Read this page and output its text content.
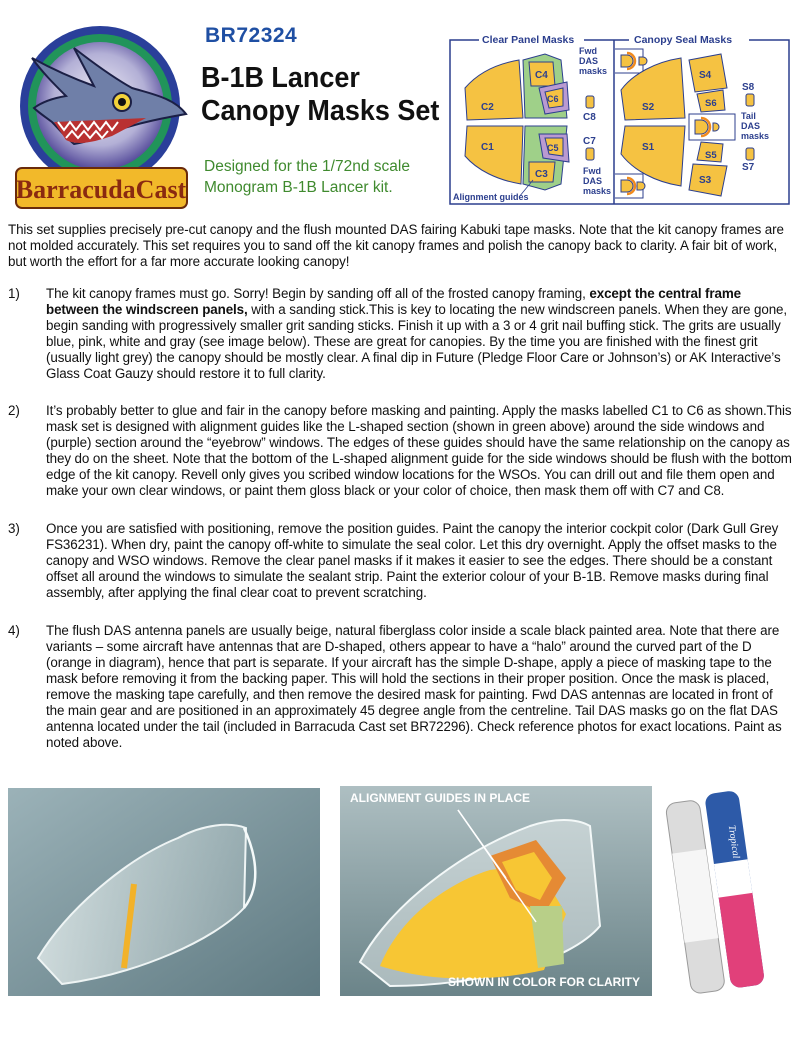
BarracudaCast
BR72324
B-1B Lancer
Canopy Masks Set
Designed for the 1/72nd scale
Monogram B-1B Lancer kit.
Clear Panel Masks	Canopy Seal Masks
C2
C1
C4
C6
C5
C3
C8
C7
Fwd
DAS
masks
Fwd
DAS
masks
Alignment guides
S2
S1
S4
S6
S5
S3
S8
S7
Tail
DAS
masks
This set supplies precisely pre-cut canopy and the flush mounted DAS fairing Kabuki tape masks. Note that the kit canopy frames are not molded accurately. This set requires you to sand off the kit canopy frames and polish the canopy back to clarity. A fair bit of work, but worth the effort for a far more accurate looking canopy!
1)	The kit canopy frames must go. Sorry! Begin by sanding off all of the frosted canopy framing, except the central frame between the windscreen panels, with a sanding stick.This is key to locating the new windscreen panels. When they are gone, begin sanding with progressively smaller grit sanding sticks. Finish it up with a 3 or 4 grit nail buffing stick. The grits are usually blue, pink, white and gray (see image below). These are great for canopies. By the time you are finished with the finest grit (usually light grey) the canopy should be mostly clear. A final dip in Future (Pledge Floor Care or Johnson’s) or AK Interactive’s Glass Coat Gauzy should restore it to full clarity.
2)	It’s probably better to glue and fair in the canopy before masking and painting. Apply the masks labelled C1 to C6 as shown.This mask set is designed with alignment guides like the L-shaped section (shown in green above) around the side windows and (purple) section around the “eyebrow” windows. The edges of these guides should have the same relationship on the canopy as they do on the sheet. Note that the bottom of the L-shaped alignment guide for the side windows should be flush with the bottom edge of the kit canopy. Revell only gives you scribed window locations for the WSOs. You can drill out and file them open and make your own clear windows, or paint them gloss black or your color of choice, then mask them off with C7 and C8.
3)	Once you are satisfied with positioning, remove the position guides. Paint the canopy the interior cockpit color (Dark Gull Grey FS36231). When dry, paint the canopy off-white to simulate the seal color. Let this dry overnight. Apply the offset masks to the canopy and WSO windows. Remove the clear panel masks if it makes it easier to see the edges. There should be a constant offset all around the windows to simulate the sealant strip. Paint the exterior colour of your B-1B. Remove masks during final assembly, after applying the final clear coat to prevent scratching.
4)	The flush DAS antenna panels are usually beige, natural fiberglass color inside a scale black painted area. Note that there are variants – some aircraft have antennas that are D-shaped, others appear to have a “halo” around the curved part of the D (orange in diagram), hence that part is separate. If your aircraft has the simple D-shape, apply a piece of masking tape to the mask before removing it from the backing paper. This will hold the sections in their proper position. Once the mask is placed, remove the masking tape carefully, and then remove the desired mask for painting. Fwd DAS antennas are located in front of the main gear and are positioned in an approximately 45 degree angle from the centreline. Tail DAS masks go on the flat DAS antenna located under the tail (included in Barracuda Cast set BR72296). Check reference photos for exact locations. Paint as noted above.
ALIGNMENT GUIDES IN PLACE
SHOWN IN COLOR FOR CLARITY
Tropical Shine
